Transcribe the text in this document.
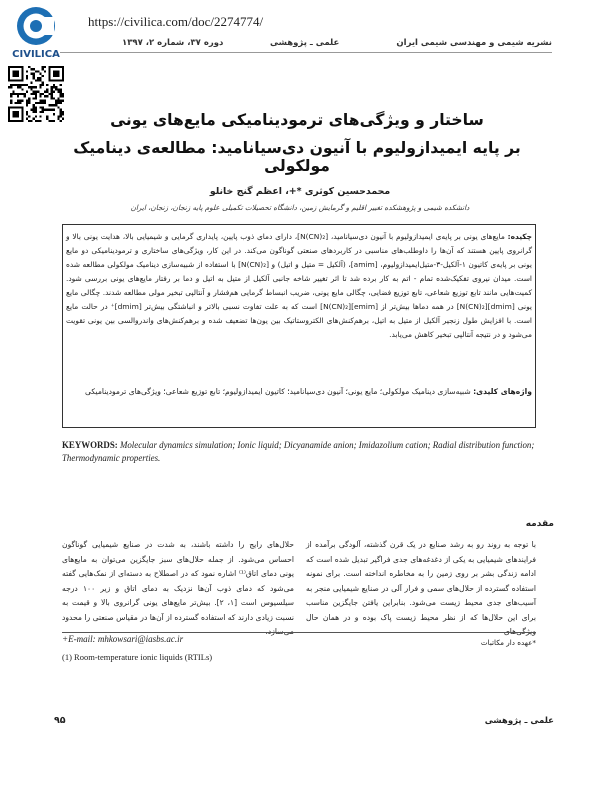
CIVILICA
https://civilica.com/doc/2274774/
نشریه شیمی و مهندسی شیمی ایران
علمی ـ پژوهشی
دوره ۳۷، شماره ۲، ۱۳۹۷
ساختار و ویژگی‌های ترمودینامیکی مایع‌های یونی
بر پایه ایمیدازولیوم با آنیون دی‌سیانامید: مطالعه‌ی دینامیک مولکولی
محمدحسین کوثری *+، اعظم گنج خانلو
دانشکده شیمی و پژوهشکده تغییر اقلیم و گرمایش زمین، دانشگاه تحصیلات تکمیلی علوم پایه زنجان، زنجان، ایران
چکیده: مایع‌های یونی بر پایه‌ی ایمیدازولیوم با آنیون دی‌سیانامید، [N(CN)₂]، دارای دمای ذوب پایین، پایداری گرمایی و شیمیایی بالا، هدایت یونی بالا و گرانروی پایین هستند که آن‌ها را داوطلب‌های مناسبی در کاربردهای صنعتی گوناگون می‌کند. در این کار، ویژگی‌های ساختاری و ترمودینامیکی دو مایع یونی بر پایه‌ی کاتیون ۱-آلکیل-۳-متیل‌ایمیدازولیوم، [amim]، (آلکیل = متیل و اتیل) و [N(CN)₂] با استفاده از شبیه‌سازی دینامیک مولکولی مطالعه شده است. میدان نیروی تفکیک‌شده تمام - اتم به کار برده شد تا اثر تغییر شاخه جانبی آلکیل از متیل به اتیل و دما بر رفتار مایع‌های یونی بررسی شود. کمیت‌هایی مانند تابع توزیع شعاعی، تابع توزیع فضایی، چگالی مایع یونی، ضریب انبساط گرمایی هم‌فشار و آنتالپی تبخیر مولی مطالعه شدند. چگالی مایع یونی [dmim][N(CN)₂] در همه دماها بیش‌تر از [emim][N(CN)₂] است که به علت تفاوت نسبی بالاتر و انباشتگی بیش‌تر [dmim]⁺ در حالت مایع است. با افزایش طول زنجیر آلکیل از متیل به اتیل، برهم‌کنش‌های الکتروستاتیک بین یون‌ها تضعیف شده و برهم‌کنش‌های واندروالسی بین یونی تقویت می‌شود و در نتیجه آنتالپی تبخیر کاهش می‌یابد.
واژه‌های کلیدی: شبیه‌سازی دینامیک مولکولی؛ مایع یونی؛ آنیون دی‌سیانامید؛ کاتیون ایمیدازولیوم؛ تابع توزیع شعاعی؛ ویژگی‌های ترمودینامیکی
KEYWORDS: Molecular dynamics simulation; Ionic liquid; Dicyanamide anion; Imidazolium cation; Radial distribution function; Thermodynamic properties.
مقدمه
با توجه به روند رو به رشد صنایع در یک قرن گذشته، آلودگی برآمده از فرایندهای شیمیایی به یکی از دغدغه‌های جدی فراگیر تبدیل شده است که ادامه زندگی بشر بر روی زمین را به مخاطره انداخته است. برای نمونه استفاده گسترده از حلال‌های سمی و فرار آلی در صنایع شیمیایی منجر به آسیب‌های جدی محیط زیست می‌شود. بنابراین یافتن جایگزین مناسب برای این حلال‌ها که از نظر محیط زیست پاک بوده و در همان حال
حلال‌های رایج را داشته باشند، به شدت در صنایع شیمیایی گوناگون احساس می‌شود. از جمله حلال‌های سبز جایگزین می‌توان به مایع‌های یونی دمای اتاق⁽¹⁾ اشاره نمود که در اصطلاح به دسته‌ای از نمک‌هایی گفته می‌شود که دمای ذوب آن‌ها نزدیک به دمای اتاق و زیر ۱۰۰ درجه سیلسیوس است [۱، ۲]. بیش‌تر مایع‌های یونی گرانروی بالا و قیمت به نسبت زیادی دارند که استفاده گسترده از آن‌ها در مقیاس صنعتی را محدود
*عهده دار مکاتبات
+E-mail: mhkowsari@iasbs.ac.ir
(1) Room-temperature ionic liquids (RTILs)
۹۵	علمی ـ پژوهشی
